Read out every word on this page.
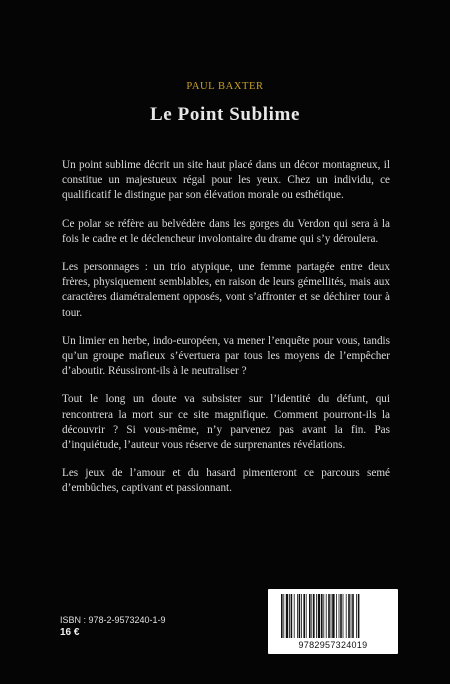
PAUL BAXTER
Le Point Sublime

Un point sublime décrit un site haut placé dans un décor montagneux, il constitue un majestueux régal pour les yeux. Chez un individu, ce qualificatif le distingue par son élévation morale ou esthétique.

Ce polar se réfère au belvédère dans les gorges du Verdon qui sera à la fois le cadre et le déclencheur involontaire du drame qui s’y déroulera.

Les personnages : un trio atypique, une femme partagée entre deux frères, physiquement semblables, en raison de leurs gémellités, mais aux caractères diamétralement opposés, vont s’affronter et se déchirer tour à tour.

Un limier en herbe, indo-européen, va mener l’enquête pour vous, tandis qu’un groupe mafieux s’évertuera par tous les moyens de l’empêcher d’aboutir. Réussiront-ils à le neutraliser ?

Tout le long un doute va subsister sur l’identité du défunt, qui rencontrera la mort sur ce site magnifique. Comment pourront-ils la découvrir ? Si vous-même, n’y parvenez pas avant la fin. Pas d’inquiétude, l’auteur vous réserve de surprenantes révélations.

Les jeux de l’amour et du hasard pimenteront ce parcours semé d’embûches, captivant et passionnant.

ISBN : 978-2-9573240-1-9
16 €
9782957324019
